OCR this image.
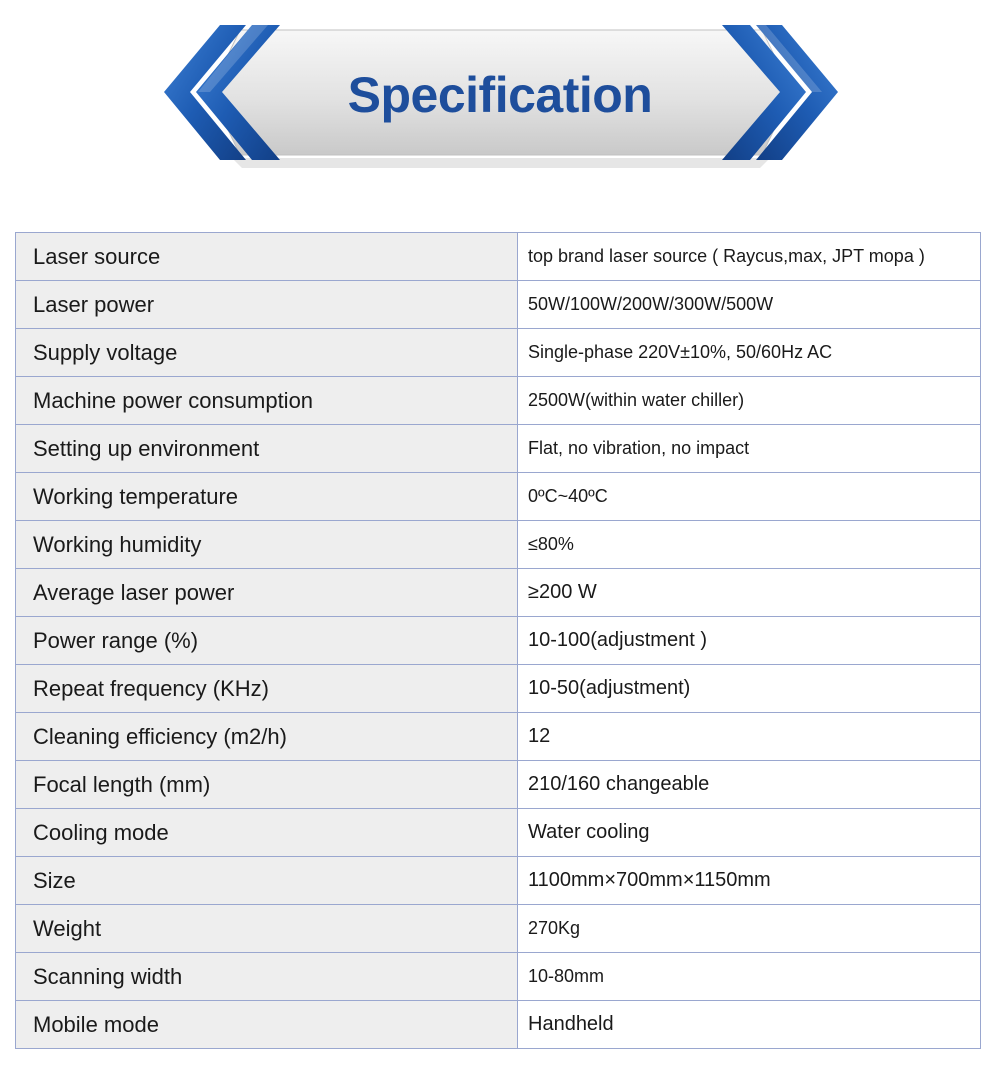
Specification
Laser source	top brand laser source ( Raycus,max, JPT mopa )
Laser power	50W/100W/200W/300W/500W
Supply voltage	Single-phase 220V±10%, 50/60Hz AC
Machine power consumption	2500W(within water chiller)
Setting up environment	Flat, no vibration, no impact
Working temperature	0ºC~40ºC
Working humidity	≤80%
Average laser power	≥200 W
Power range (%)	10-100(adjustment )
Repeat frequency (KHz)	10-50(adjustment)
Cleaning efficiency (m2/h)	12
Focal length (mm)	210/160 changeable
Cooling mode	Water cooling
Size	1100mm×700mm×1150mm
Weight	270Kg
Scanning width	10-80mm
Mobile mode	Handheld
